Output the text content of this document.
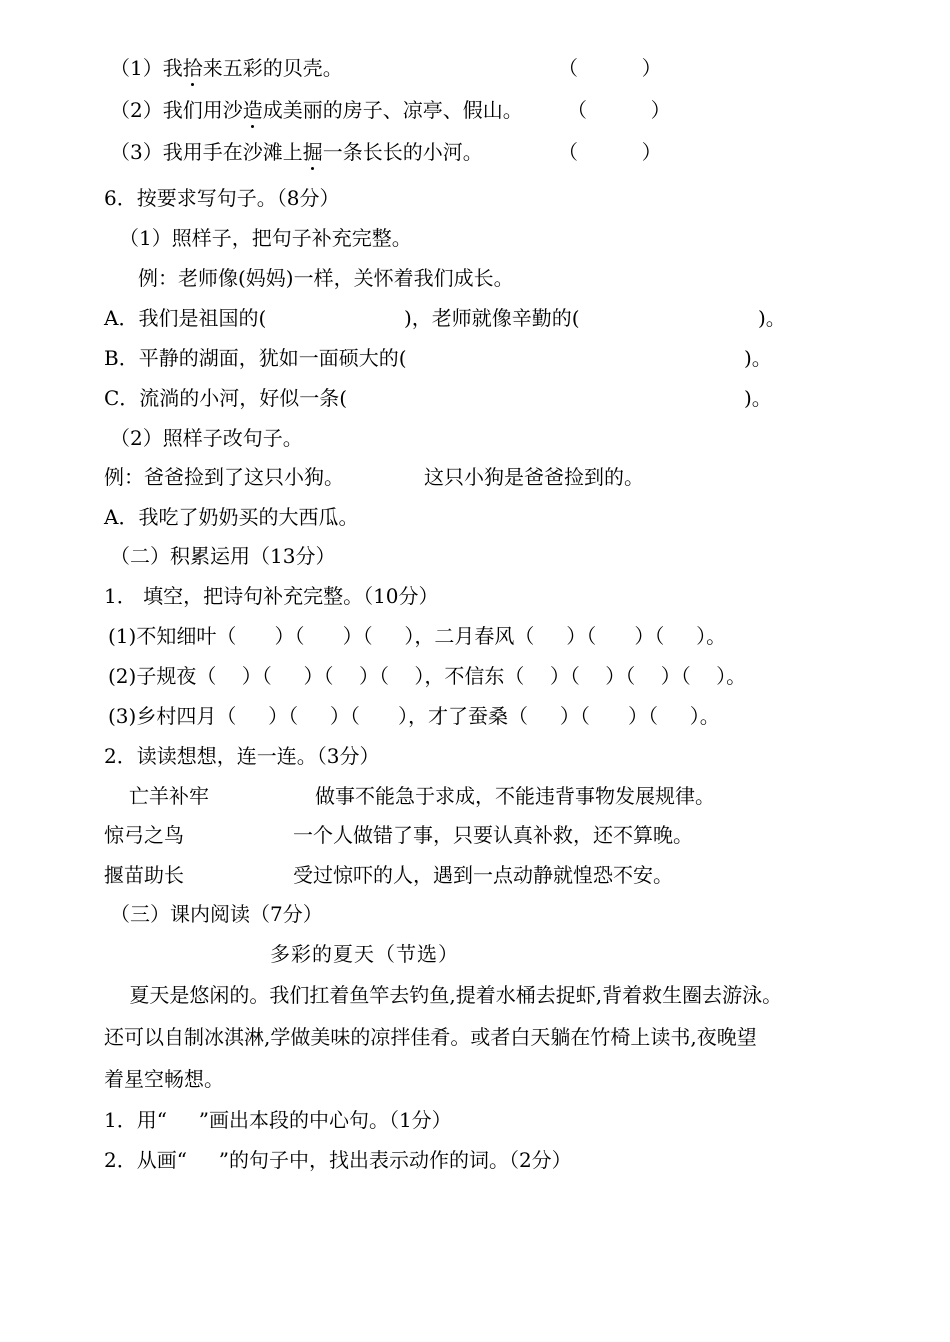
（1）我拾来五彩的贝壳。	（          ）
（2）我们用沙造成美丽的房子、凉亭、假山。 （          ）
（3）我用手在沙滩上掘一条长长的小河。	（          ）
6．按要求写句子。（8分）
（1）照样子，把句子补充完整。
例：老师像(妈妈)一样，关怀着我们成长。
A．我们是祖国的(	)，老师就像辛勤的(	)。
B．平静的湖面，犹如一面硕大的(	)。
C．流淌的小河，好似一条(	)。
（2）照样子改句子。
例：爸爸捡到了这只小狗。	这只小狗是爸爸捡到的。
A．我吃了奶奶买的大西瓜。
（二）积累运用（13分）
1． 填空，把诗句补充完整。（10分）
(1)不知细叶（      ）（      ）（     ），二月春风（     ）（      ）（     ）。
(2)子规夜（    ）（     ）（    ）（    ），不信东（    ）（    ）（    ）（    ）。
(3)乡村四月（     ）（     ）（      ），才了蚕桑（     ）（      ）（     ）。
2．读读想想，连一连。（3分）
亡羊补牢	做事不能急于求成，不能违背事物发展规律。
惊弓之鸟	一个人做错了事，只要认真补救，还不算晚。
揠苗助长	受过惊吓的人，遇到一点动静就惶恐不安。
（三）课内阅读（7分）
多彩的夏天（节选）
夏天是悠闲的。我们扛着鱼竿去钓鱼,提着水桶去捉虾,背着救生圈去游泳。
还可以自制冰淇淋,学做美味的凉拌佳肴。或者白天躺在竹椅上读书,夜晚望
着星空畅想。
1．用“     ”画出本段的中心句。（1分）
2．从画“     ”的句子中，找出表示动作的词。（2分）
